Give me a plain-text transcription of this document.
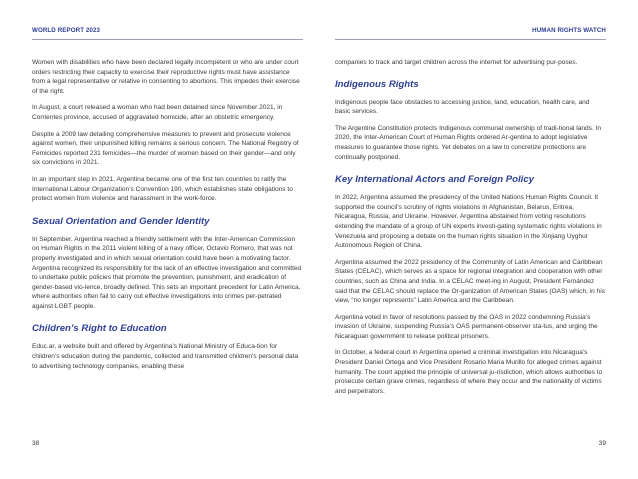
WORLD REPORT 2023

Women with disabilities who have been declared legally incompetent or who are under court orders restricting their capacity to exercise their reproductive rights must have assistance from a legal representative or relative in consenting to abortions. This impedes their exercise of the right.

In August, a court released a woman who had been detained since November 2021, in Corrientes province, accused of aggravated homicide, after an obstetric emergency.

Despite a 2009 law detailing comprehensive measures to prevent and prosecute violence against women, their unpunished killing remains a serious concern. The National Registry of Femicides reported 231 femicides—the murder of women based on their gender—and only six convictions in 2021.

In an important step in 2021, Argentina became one of the first ten countries to ratify the International Labour Organization’s Convention 190, which establishes state obligations to protect women from violence and harassment in the work-force.

Sexual Orientation and Gender Identity

In September, Argentina reached a friendly settlement with the Inter-American Commission on Human Rights in the 2011 violent killing of a navy officer, Octavio Romero, that was not properly investigated and in which sexual orientation could have been a motivating factor. Argentina recognized its responsibility for the lack of an effective investigation and committed to undertake public policies that promote the prevention, punishment, and eradication of gender-based vio-lence, broadly defined. This sets an important precedent for Latin America, where authorities often fail to carry out effective investigations into crimes per-petrated against LGBT people.

Children’s Right to Education

Educ.ar, a website built and offered by Argentina’s National Ministry of Educa-tion for children’s education during the pandemic, collected and transmitted children’s personal data to advertising technology companies, enabling these

38
HUMAN RIGHTS WATCH

companies to track and target children across the internet for advertising pur-poses.

Indigenous Rights

Indigenous people face obstacles to accessing justice, land, education, health care, and basic services.

The Argentine Constitution protects Indigenous communal ownership of tradi-tional lands. In 2020, the Inter-American Court of Human Rights ordered Ar-gentina to adopt legislative measures to guarantee those rights. Yet debates on a law to concretize protections are continually postponed.

Key International Actors and Foreign Policy

In 2022, Argentina assumed the presidency of the United Nations Human Rights Council. It supported the council’s scrutiny of rights violations in Afghanistan, Belarus, Eritrea, Nicaragua, Russia, and Ukraine. However, Argentina abstained from voting resolutions extending the mandate of a group of UN experts investi-gating systematic rights violations in Venezuela and proposing a debate on the human rights situation in the Xinjiang Uyghur Autonomous Region of China.

Argentina assumed the 2022 presidency of the Community of Latin American and Caribbean States (CELAC), which serves as a space for regional integration and cooperation with other countries, such as China and India. In a CELAC meet-ing in August, President Fernández said that the CELAC should replace the Or-ganization of American States (OAS) which, in his view, “no longer represents” Latin America and the Caribbean.

Argentina voted in favor of resolutions passed by the OAS in 2022 condemning Russia’s invasion of Ukraine, suspending Russia’s OAS permanent-observer sta-tus, and urging the Nicaraguan government to release political prisoners.

In October, a federal court in Argentina opened a criminal investigation into Nicaragua’s President Daniel Ortega and Vice President Rosario Maria Murillo for alleged crimes against humanity. The court applied the principle of universal ju-risdiction, which allows authorities to prosecute certain grave crimes, regardless of where they occur and the nationality of victims and perpetrators.

39
